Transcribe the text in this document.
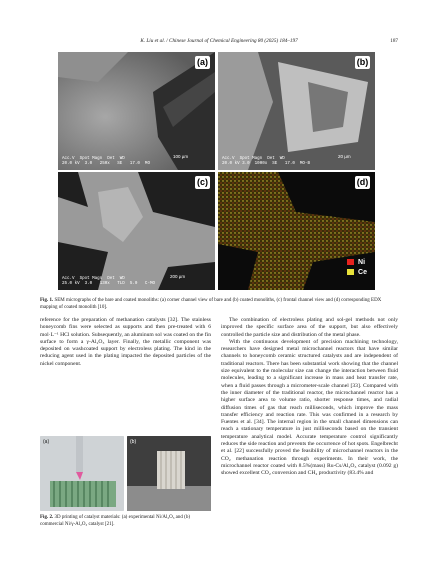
K. Liu et al. / Chinese Journal of Chemical Engineering 80 (2025) 184–197	187
(a)
100 µm
Acc.V  Spot Magn  Det  WD
20.0 kV  3.0   250x   SE   17.0  MO
(b)
20 µm
Acc.V  Spot Magn  Det  WD
20.0 kV 3.0  1000x  SE   17.0  MO-B
(c)
200 µm
Acc.V  Spot Magn  Det  WD
25.0 kV  3.0   130x   TLD  5.0   C-MO
(d)
Ni
Ce
Fig. 1. SEM micrographs of the bare and coated monoliths: (a) corner channel view of bare and (b) coated monoliths, (c) frontal channel view and (d) corresponding EDX mapping of coated monolith [10].

reference for the preparation of methanation catalysts [32]. The stainless honeycomb fins were selected as supports and then pre-treated with 6 mol·L⁻¹ HCl solution. Subsequently, an aluminum sol was coated on the fin surface to form a γ-Al₂O₃ layer. Finally, the metallic component was deposited on washcoated support by electroless plating. The kind in the reducing agent used in the plating impacted the deposited particles of the nickel component.

(a)	(b)
Fig. 2. 3D printing of catalyst materials: (a) experimental Ni/Al₂O₃ and (b) commercial Ni/γ-Al₂O₃ catalyst [21].

The combination of electroless plating and sol-gel methods not only improved the specific surface area of the support, but also effectively controlled the particle size and distribution of the metal phase.

With the continuous development of precision machining technology, researchers have designed metal microchannel reactors that have similar channels to honeycomb ceramic structured catalysts and are independent of traditional reactors. There has been substantial work showing that the channel size equivalent to the molecular size can change the interaction between fluid molecules, leading to a significant increase in mass and heat transfer rate, when a fluid passes through a micrometer-scale channel [33]. Compared with the inner diameter of the traditional reactor, the microchannel reactor has a higher surface area to volume ratio, shorter response times, and radial diffusion times of gas that reach milliseconds, which improve the mass transfer efficiency and reaction rate. This was confirmed in a research by Fuentes et al. [34]. The internal region in the small channel dimensions can reach a stationary temperature in just milliseconds based on the transient temperature analytical model. Accurate temperature control significantly reduces the side reaction and prevents the occurrence of hot spots. Engelbrecht et al. [22] successfully proved the feasibility of microchannel reactors in the CO₂ methanation reaction through experiments. In their work, the microchannel reactor coated with 8.5%(mass) Ru-Cs/Al₂O₃ catalyst (0.092 g) showed excellent CO₂ conversion and CH₄ productivity (83.4% and
